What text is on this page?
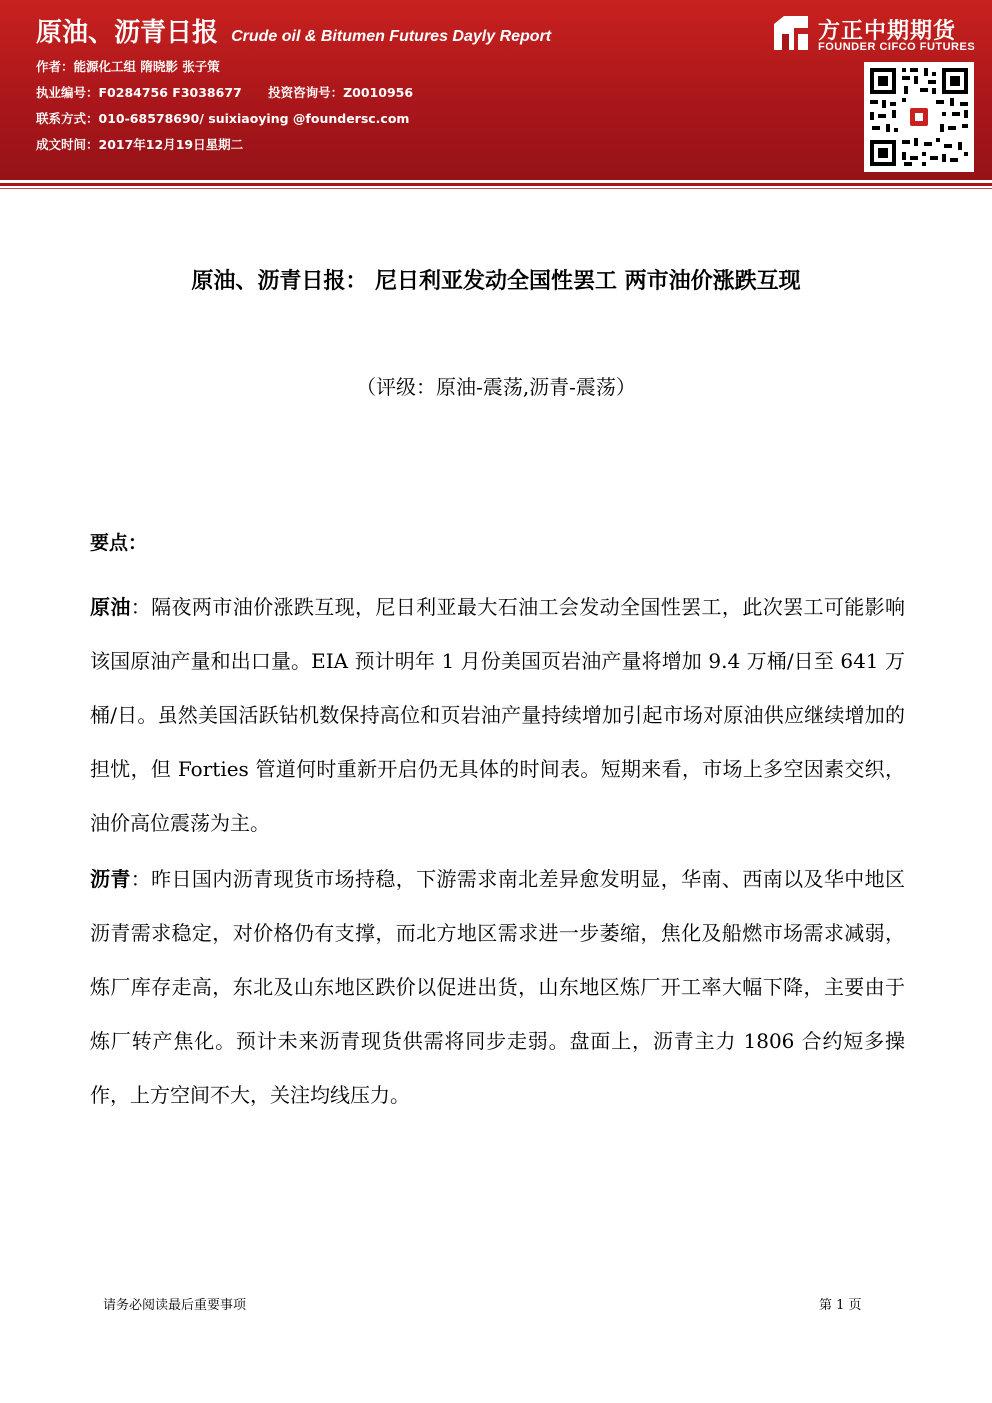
原油、沥青日报 Crude oil & Bitumen Futures Dayly Report
作者：能源化工组 隋晓影 张子策
执业编号：F0284756 F3038677 投资咨询号：Z0010956
联系方式：010-68578690/ suixiaoying @foundersc.com
成文时间：2017年12月19日星期二
方正中期期货
FOUNDER CIFCO FUTURES
原油、沥青日报： 尼日利亚发动全国性罢工 两市油价涨跌互现
（评级：原油-震荡,沥青-震荡）
要点：
原油：隔夜两市油价涨跌互现，尼日利亚最大石油工会发动全国性罢工，此次罢工可能影响该国原油产量和出口量。EIA 预计明年 1 月份美国页岩油产量将增加 9.4 万桶/日至 641 万桶/日。虽然美国活跃钻机数保持高位和页岩油产量持续增加引起市场对原油供应继续增加的担忧，但 Forties 管道何时重新开启仍无具体的时间表。短期来看，市场上多空因素交织，油价高位震荡为主。
沥青：昨日国内沥青现货市场持稳，下游需求南北差异愈发明显，华南、西南以及华中地区沥青需求稳定，对价格仍有支撑，而北方地区需求进一步萎缩，焦化及船燃市场需求减弱，炼厂库存走高，东北及山东地区跌价以促进出货，山东地区炼厂开工率大幅下降，主要由于炼厂转产焦化。预计未来沥青现货供需将同步走弱。盘面上，沥青主力 1806 合约短多操作，上方空间不大，关注均线压力。
请务必阅读最后重要事项	第 1 页
